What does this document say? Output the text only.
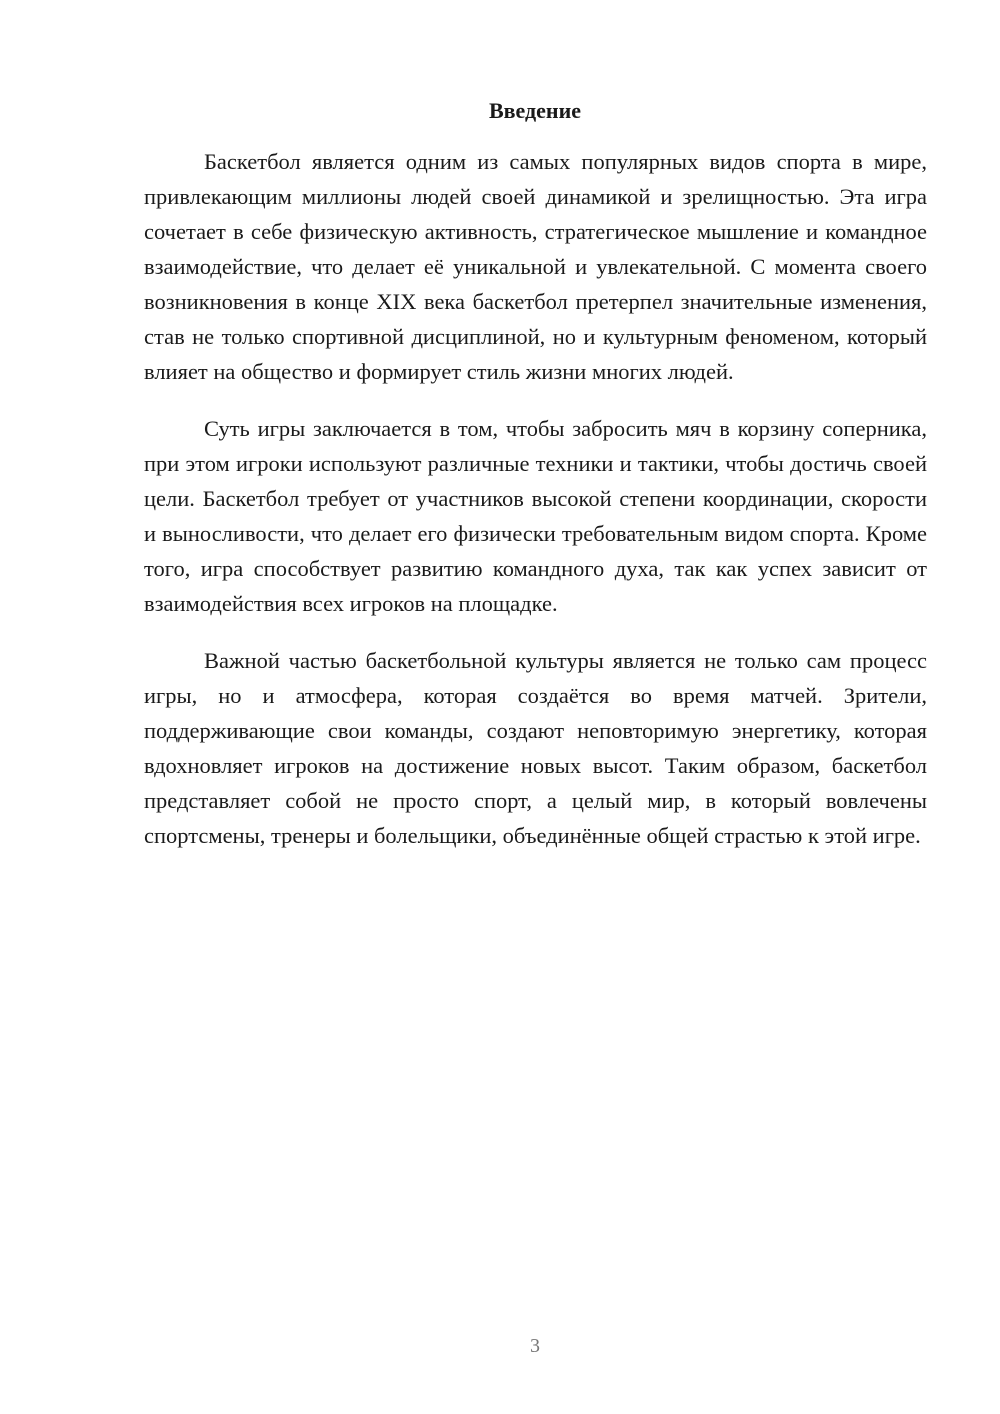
Введение

Баскетбол является одним из самых популярных видов спорта в мире, привлекающим миллионы людей своей динамикой и зрелищностью. Эта игра сочетает в себе физическую активность, стратегическое мышление и командное взаимодействие, что делает её уникальной и увлекательной. С момента своего возникновения в конце XIX века баскетбол претерпел значительные изменения, став не только спортивной дисциплиной, но и культурным феноменом, который влияет на общество и формирует стиль жизни многих людей.

Суть игры заключается в том, чтобы забросить мяч в корзину соперника, при этом игроки используют различные техники и тактики, чтобы достичь своей цели. Баскетбол требует от участников высокой степени координации, скорости и выносливости, что делает его физически требовательным видом спорта. Кроме того, игра способствует развитию командного духа, так как успех зависит от взаимодействия всех игроков на площадке.

Важной частью баскетбольной культуры является не только сам процесс игры, но и атмосфера, которая создаётся во время матчей. Зрители, поддерживающие свои команды, создают неповторимую энергетику, которая вдохновляет игроков на достижение новых высот. Таким образом, баскетбол представляет собой не просто спорт, а целый мир, в который вовлечены спортсмены, тренеры и болельщики, объединённые общей страстью к этой игре.

3
